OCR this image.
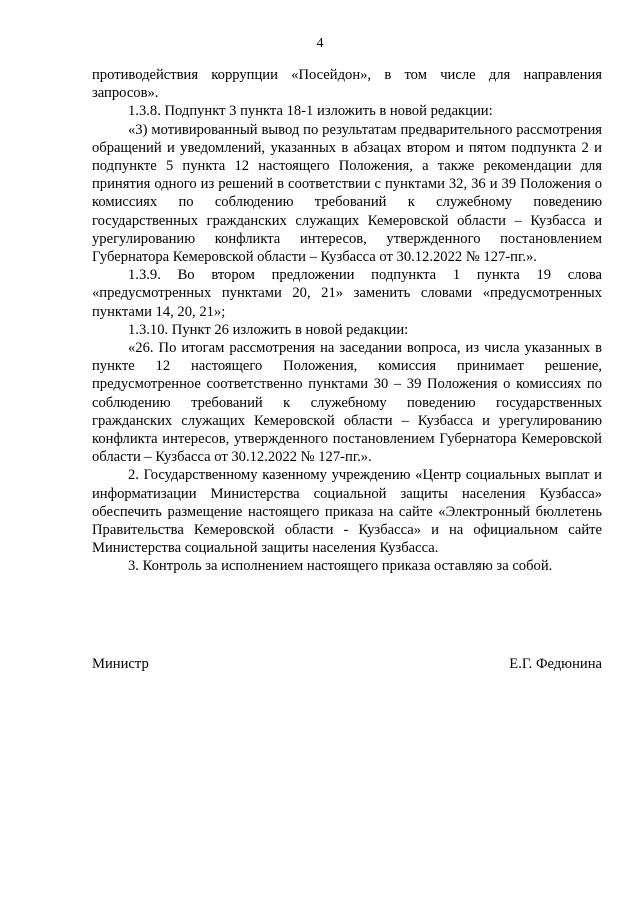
4

противодействия коррупции «Посейдон», в том числе для направления запросов».

1.3.8. Подпункт 3 пункта 18-1 изложить в новой редакции:

«3) мотивированный вывод по результатам предварительного рассмотрения обращений и уведомлений, указанных в абзацах втором и пятом подпункта 2 и подпункте 5 пункта 12 настоящего Положения, а также рекомендации для принятия одного из решений в соответствии с пунктами 32, 36 и 39 Положения о комиссиях по соблюдению требований к служебному поведению государственных гражданских служащих Кемеровской области – Кузбасса и урегулированию конфликта интересов, утвержденного постановлением Губернатора Кемеровской области – Кузбасса от 30.12.2022 № 127-пг.».

1.3.9. Во втором предложении подпункта 1 пункта 19 слова «предусмотренных пунктами 20, 21» заменить словами «предусмотренных пунктами 14, 20, 21»;

1.3.10. Пункт 26 изложить в новой редакции:

«26. По итогам рассмотрения на заседании вопроса, из числа указанных в пункте 12 настоящего Положения, комиссия принимает решение, предусмотренное соответственно пунктами 30 – 39 Положения о комиссиях по соблюдению требований к служебному поведению государственных гражданских служащих Кемеровской области – Кузбасса и урегулированию конфликта интересов, утвержденного постановлением Губернатора Кемеровской области – Кузбасса от 30.12.2022 № 127-пг.».

2. Государственному казенному учреждению «Центр социальных выплат и информатизации Министерства социальной защиты населения Кузбасса» обеспечить размещение настоящего приказа на сайте «Электронный бюллетень Правительства Кемеровской области - Кузбасса» и на официальном сайте Министерства социальной защиты населения Кузбасса.

3. Контроль за исполнением настоящего приказа оставляю за собой.

Министр	Е.Г. Федюнина
